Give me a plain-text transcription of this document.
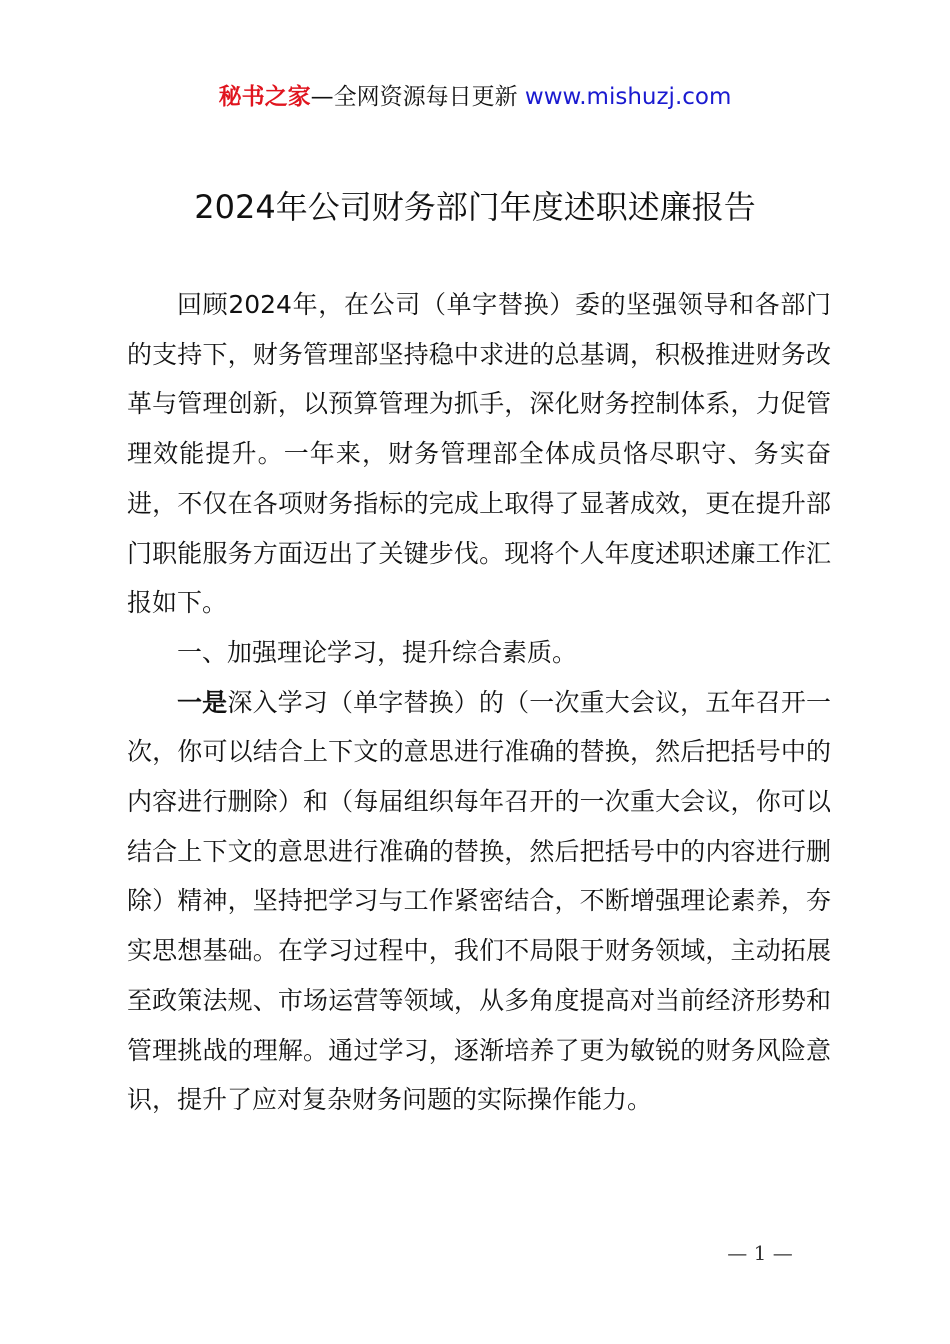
秘书之家—全网资源每日更新 www.mishuzj.com
2024年公司财务部门年度述职述廉报告

回顾2024年，在公司（单字替换）委的坚强领导和各部门的支持下，财务管理部坚持稳中求进的总基调，积极推进财务改革与管理创新，以预算管理为抓手，深化财务控制体系，力促管理效能提升。一年来，财务管理部全体成员恪尽职守、务实奋进，不仅在各项财务指标的完成上取得了显著成效，更在提升部门职能服务方面迈出了关键步伐。现将个人年度述职述廉工作汇报如下。

一、加强理论学习，提升综合素质。

一是深入学习（单字替换）的（一次重大会议，五年召开一次，你可以结合上下文的意思进行准确的替换，然后把括号中的内容进行删除）和（每届组织每年召开的一次重大会议，你可以结合上下文的意思进行准确的替换，然后把括号中的内容进行删除）精神，坚持把学习与工作紧密结合，不断增强理论素养，夯实思想基础。在学习过程中，我们不局限于财务领域，主动拓展至政策法规、市场运营等领域，从多角度提高对当前经济形势和管理挑战的理解。通过学习，逐渐培养了更为敏锐的财务风险意识，提升了应对复杂财务问题的实际操作能力。

— 1 —
